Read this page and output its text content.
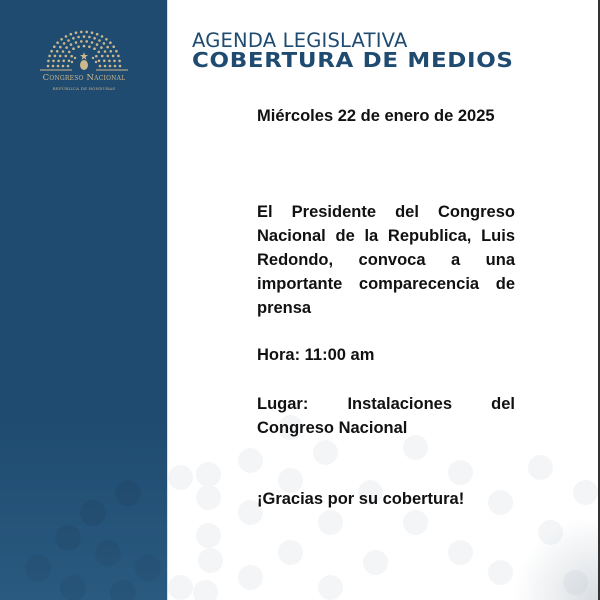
Congreso Nacional
REPÚBLICA DE HONDURAS
AGENDA LEGISLATIVA
COBERTURA DE MEDIOS
Miércoles 22 de enero de 2025
El Presidente del Congreso Nacional de la Republica, Luis Redondo, convoca a una importante comparecencia de prensa
Hora: 11:00 am
Lugar: Instalaciones del Congreso Nacional
¡Gracias por su cobertura!
